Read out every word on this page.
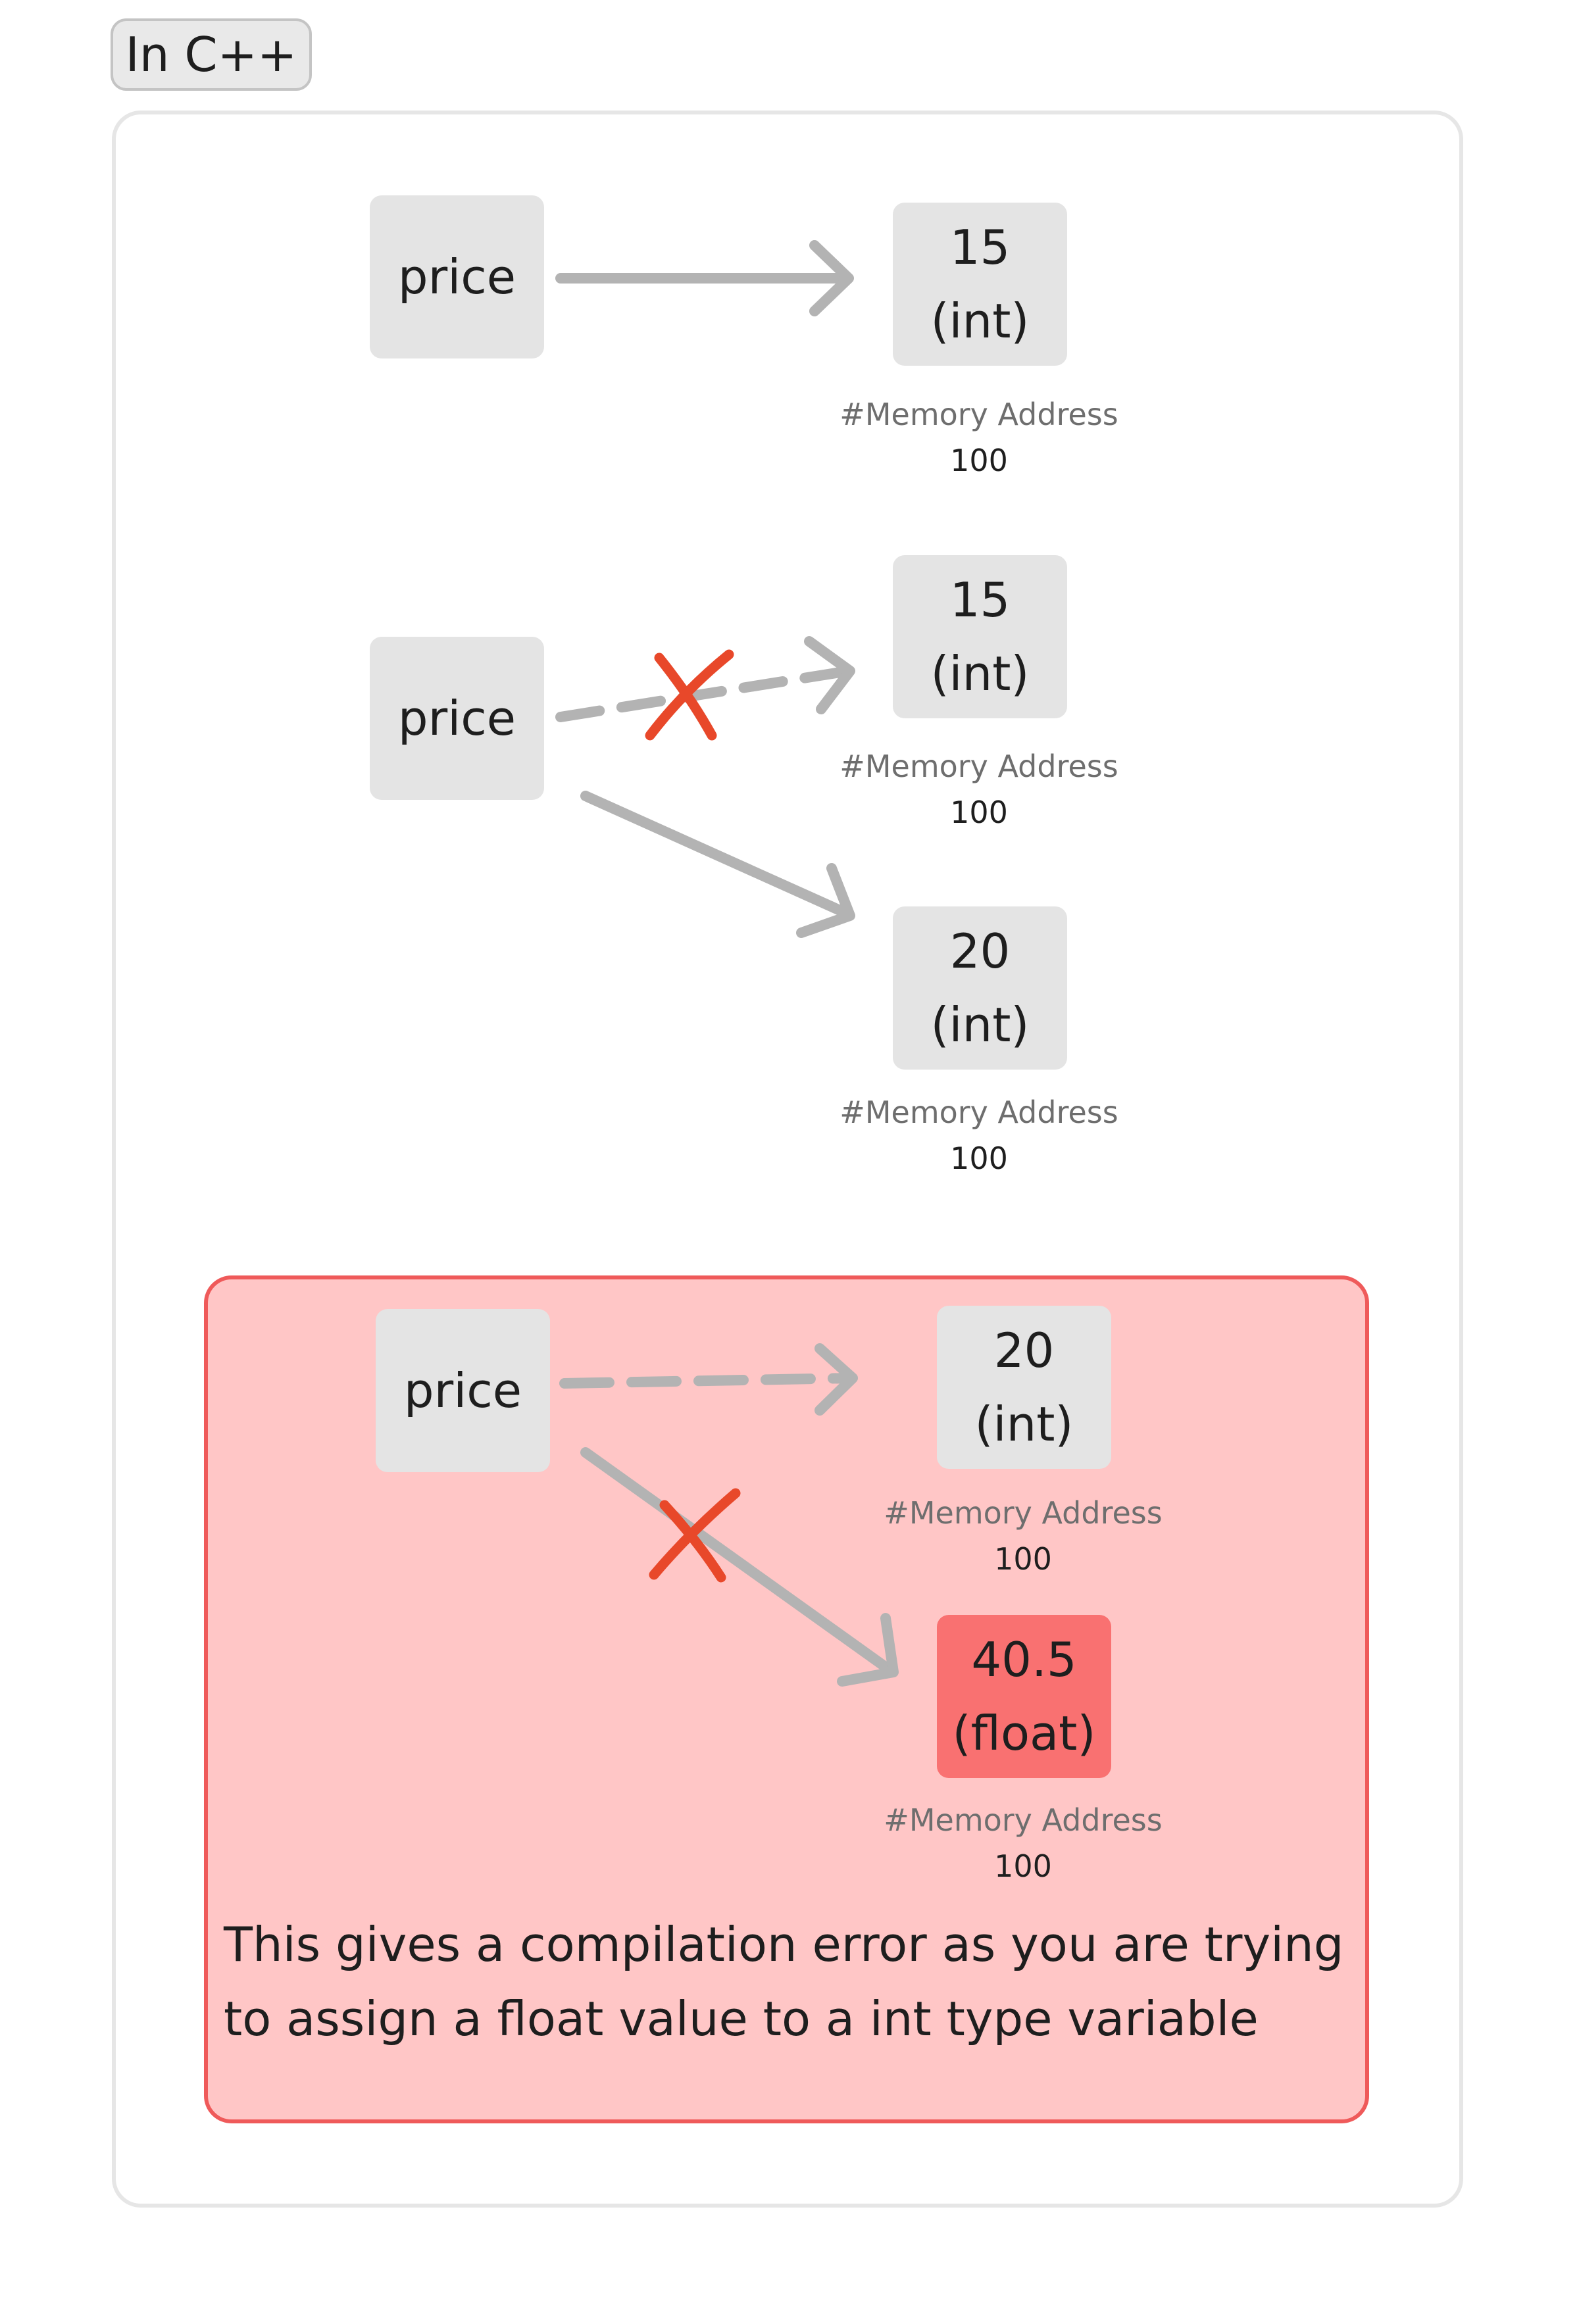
In C++
price
15
(int)
#Memory Address
100
price
15
(int)
#Memory Address
100
20
(int)
#Memory Address
100
price
20
(int)
#Memory Address
100
40.5
(float)
#Memory Address
100

This gives a compilation error as you are trying to assign a float value to a int type variable
